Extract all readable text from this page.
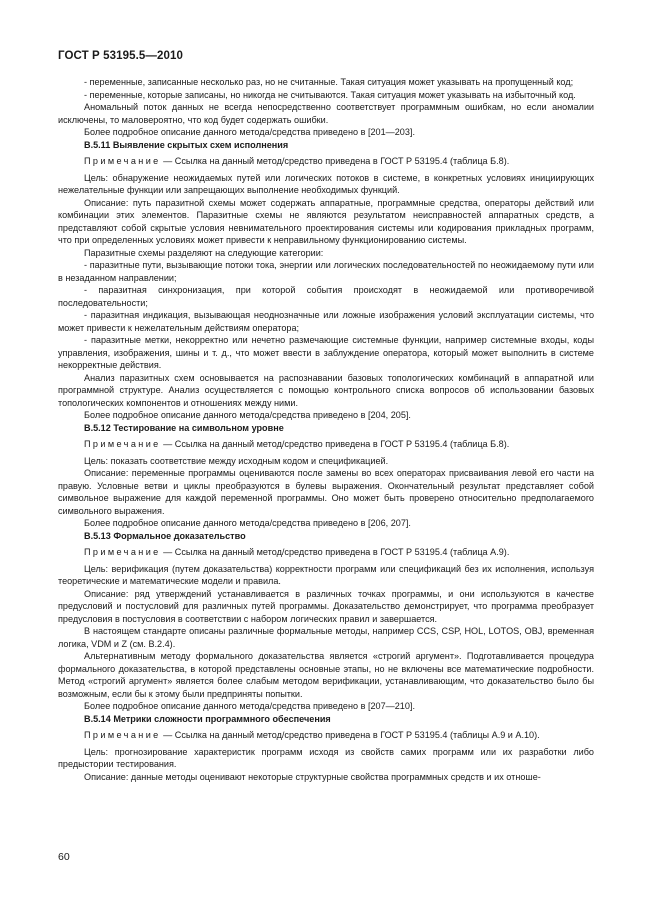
ГОСТ Р 53195.5—2010

- переменные, записанные несколько раз, но не считанные. Такая ситуация может указывать на пропущенный код;

- переменные, которые записаны, но никогда не считываются. Такая ситуация может указывать на избыточный код.

Аномальный поток данных не всегда непосредственно соответствует программным ошибкам, но если аномалии исключены, то маловероятно, что код будет содержать ошибки.

Более подробное описание данного метода/средства приведено в [201—203].

В.5.11 Выявление скрытых схем исполнения

Примечание — Ссылка на данный метод/средство приведена в ГОСТ Р 53195.4 (таблица Б.8).

Цель: обнаружение неожидаемых путей или логических потоков в системе, в конкретных условиях инициирующих нежелательные функции или запрещающих выполнение необходимых функций.

Описание: путь паразитной схемы может содержать аппаратные, программные средства, операторы действий или комбинации этих элементов. Паразитные схемы не являются результатом неисправностей аппаратных средств, а представляют собой скрытые условия невнимательного проектирования системы или кодирования прикладных программ, что при определенных условиях может привести к неправильному функционированию системы.

Паразитные схемы разделяют на следующие категории:

- паразитные пути, вызывающие потоки тока, энергии или логических последовательностей по неожидаемому пути или в незаданном направлении;

- паразитная синхронизация, при которой события происходят в неожидаемой или противоречивой последовательности;

- паразитная индикация, вызывающая неоднозначные или ложные изображения условий эксплуатации системы, что может привести к нежелательным действиям оператора;

- паразитные метки, некорректно или нечетно размечающие системные функции, например системные входы, коды управления, изображения, шины и т. д., что может ввести в заблуждение оператора, который может выполнить в системе некорректные действия.

Анализ паразитных схем основывается на распознавании базовых топологических комбинаций в аппаратной или программной структуре. Анализ осуществляется с помощью контрольного списка вопросов об использовании базовых топологических компонентов и отношениях между ними.

Более подробное описание данного метода/средства приведено в [204, 205].

В.5.12 Тестирование на символьном уровне

Примечание — Ссылка на данный метод/средство приведена в ГОСТ Р 53195.4 (таблица Б.8).

Цель: показать соответствие между исходным кодом и спецификацией.

Описание: переменные программы оцениваются после замены во всех операторах присваивания левой его части на правую. Условные ветви и циклы преобразуются в булевы выражения. Окончательный результат представляет собой символьное выражение для каждой переменной программы. Оно может быть проверено относительно предполагаемого символьного выражения.

Более подробное описание данного метода/средства приведено в [206, 207].

В.5.13 Формальное доказательство

Примечание — Ссылка на данный метод/средство приведена в ГОСТ Р 53195.4 (таблица А.9).

Цель: верификация (путем доказательства) корректности программ или спецификаций без их исполнения, используя теоретические и математические модели и правила.

Описание: ряд утверждений устанавливается в различных точках программы, и они используются в качестве предусловий и постусловий для различных путей программы. Доказательство демонстрирует, что программа преобразует предусловия в постусловия в соответствии с набором логических правил и завершается.

В настоящем стандарте описаны различные формальные методы, например CCS, CSP, HOL, LOTOS, OBJ, временная логика, VDM и Z (см. В.2.4).

Альтернативным методу формального доказательства является «строгий аргумент». Подготавливается процедура формального доказательства, в которой представлены основные этапы, но не включены все математические подробности. Метод «строгий аргумент» является более слабым методом верификации, устанавливающим, что доказательство было бы возможным, если бы к этому были предприняты попытки.

Более подробное описание данного метода/средства приведено в [207—210].

В.5.14 Метрики сложности программного обеспечения

Примечание — Ссылка на данный метод/средство приведена в ГОСТ Р 53195.4 (таблицы А.9 и А.10).

Цель: прогнозирование характеристик программ исходя из свойств самих программ или их разработки либо предыстории тестирования.

Описание: данные методы оценивают некоторые структурные свойства программных средств и их отноше-

60
